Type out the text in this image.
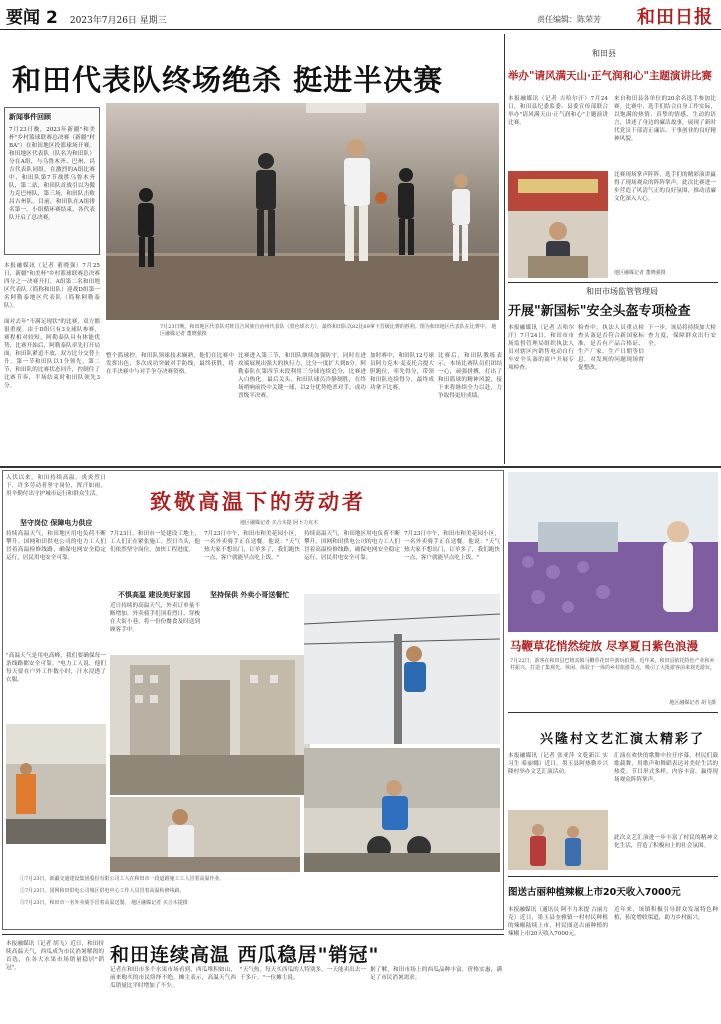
要闻 2 2023年7月26日 星期三	责任编辑：陈荣芳 和田日报
和田代表队终场绝杀 挺进半决赛
新闻事件回顾
7月23日晚，2023年新疆"和美杯"乡村篮球联赛总决赛（新疆"村BA"）在和田地区投篮球场开赛。和田地区代表队（队名为和田队）分在A组，与乌鲁木齐、巴州、昌吉代表队同组。在激烈的A组比赛中，和田队第7节战胜乌鲁木齐队，第二站，和田队首战引以为傲力克巴州队，第三场，和田队击败昌吉州队。目前，和田队在A组排名第一。小组循环赛结束，各代表队开启了总决赛。
本报融媒讯（记者 董晓强）7月25日，新疆"和美杯"乡村篮球联赛总决赛四分之一决赛开打，A组第二名和田地区代表队（简称和田队）迎战D组第一名阿勒泰地区代表队（简称阿勒泰队）。
面对去年"不满足现状"的比赛，双方都很重视。由于D组只有3支球队参赛，赛程相对较短，阿勒泰队具有体能优势，比赛开始后，阿勒泰队率先打开局面，和田队紧追不放，双方比分交替上升，第一节和田队以1分领先。第二节，和田队的比赛状态回升，控制住了比赛节奏，半场结束时和田队领先3分。
7月23日晚，和田地区代表队对阵昌吉回族自治州代表队（黑色球衣方），最终和田队以82比69拿下晋级比赛的胜利。图为和田地区代表队在比赛中。 地区融媒记者 董晓强摄
整个篮球控。和田队领球技术娴熟，他们在比赛中发挥出色，多次成功突破对手防线，最终获胜，将在半决赛中与对手争夺决赛资格。
比赛进入第三节，和田队继续加强防守，同时在进攻端展现出强大的执行力，比分一度扩大到8分。阿勒泰队在第四节末段利用三分球连续追分，比赛进入白热化。最后关头，和田队球员冷静制胜，在终场哨响前投中关键一球，以2分优势绝杀对手，成功晋级半决赛。
加时赛中，和田队12号球员阿力克木·麦麦托合提大胆跑位，率先得分，带领和田队连续得分，最终成功拿下比赛。
比赛后，和田队教练表示，本场比赛队员们团结一心，顽强拼搏，打出了和田篮球的精神风貌，接下来将继续全力以赴，力争取得更好成绩。
和田县
举办"请风满天山·正气润和心"主题演讲比赛
本报融媒讯（记者 吉哈尔汗）7月24日，和田县纪委监委、县委宣传部联合举办"请风满天山·正气润和心"主题演讲比赛。
来自和田县各单位的20余名选手参加比赛。比赛中，选手们结合自身工作实际，以饱满的热情、真挚的情感、生动的语言，讲述了身边的廉洁故事，展现了新时代党员干部清正廉洁、干事创业的良好精神风貌。
比赛现场掌声阵阵，选手们的精彩演讲赢得了现场观众的阵阵掌声。此次比赛进一步营造了风清气正的良好氛围，推动清廉文化深入人心。
地区融媒记者 董晓强摄
和田市场监管管理局
开展"新国标"安全头盔专项检查
本报融媒讯（记者 吉哈尔汗）7月24日，和田市市场监督管理局组织执法人员对辖区内销售电动自行车安全头盔的商户开展专项检查。
检查中，执法人员重点检查头盔是否符合新国家标准，是否有产品合格证、生产厂家、生产日期等信息，对发现的问题现场督促整改。
下一步，该局将持续加大检查力度，保障群众出行安全。
入伏以来，和田持续高温。炎炎烈日下，许多劳动者坚守岗位，挥汗如雨，用辛勤付出守护城市运行和群众生活。 致敬高温下的劳动者
地区融媒记者 买合木提 阿卜力克木
坚守岗位 保障电力供应
持续高温天气，和田地区用电负荷不断攀升。国网和田供电公司的电力工人们冒着高温检修线路，确保电网安全稳定运行，居民用电安全可靠。
"高温天气是用电高峰，我们要确保每一条线路都安全可靠。"电力工人说，他们每天要在户外工作数小时，汗水浸透了衣服。
7月23日，和田市一处建设工地上，工人们正在紧张施工。烈日当头，他们依然坚守岗位，加快工程进度。
不惧高温 建设美好家园
近日持续的高温天气，外卖订单量不断增加。外卖骑手们顶着烈日，穿梭在大街小巷，将一份份餐食及时送到顾客手中。
坚持保供 外卖小哥送餐忙
7月23日中午，和田市和美花园小区，一名外卖骑手正在送餐。他说："天气热大家不想出门，订单多了，我们跑快一点，客户就能早点吃上饭。"
持续高温天气，和田地区用电负荷不断攀升。国网和田供电公司的电力工人们冒着高温检修线路，确保电网安全稳定运行，居民用电安全可靠。
7月23日中午，和田市和美花园小区，一名外卖骑手正在送餐。他说："天气热大家不想出门，订单多了，我们跑快一点，客户就能早点吃上饭。"
①7月23日，新疆交通建设集团股份有限公司工人在和田市一段道路施工工人冒着高温作业。
②7月23日，国网和田供电公司城区供电中心工作人员冒着高温检修线路。
③7月23日，和田市一名外卖骑手冒着高温送餐。 地区融媒记者 买合木提摄
马鞭草花悄然绽放 尽享夏日紫色浪漫
7月22日，游客在和田县巴格其镇马鞭草花田中游玩拍照。近年来，和田县依托特色产业和乡村振兴，打造了集观光、休闲、体验于一体的乡村旅游景点，吸引了大批游客前来观光游玩。
地区融媒记者 胡飞摄
兴隆村文艺汇演太精彩了
本报融媒讯（记者 张亚萍 文乾新江 实习生 希丽娜）近日，墨玉县阿热勒乡兴隆村举办文艺汇演活动。
汇演在欢快的歌舞中拉开序幕，村民们载歌载舞，用歌声和舞蹈表达对美好生活的热爱。节目形式多样，内容丰富，赢得现场观众阵阵掌声。
此次文艺汇演进一步丰富了村民的精神文化生活，营造了积极向上的社会氛围。
图送古丽种植辣椒上市20天收入7000元
本报融媒讯（通讯员 阿不力米提 古丽力克）近日，墨玉县奎雅镇一村村民种植的辣椒陆续上市，村民图送古丽种植的辣椒上市20天收入7000元。
近年来，该镇积极引导群众发展特色种植，拓宽增收渠道，助力乡村振兴。
和田连续高温 西瓜稳居"销冠"
本报融媒讯（记者 胡飞）近日，和田持续高温天气，西瓜成为市民消暑解渴的首选，在各大水果市场销量稳居"销冠"。	记者在和田市多个水果市场看到，西瓜堆积如山，前来购买的市民络绎不绝。摊主表示，高温天气西瓜销量比平时增加了不少。
"天气热，每天买西瓜的人特别多，一天能卖出去一千多斤。"一位摊主说。
据了解，和田市场上的西瓜品种丰富，价格实惠，满足了市民消暑需求。
